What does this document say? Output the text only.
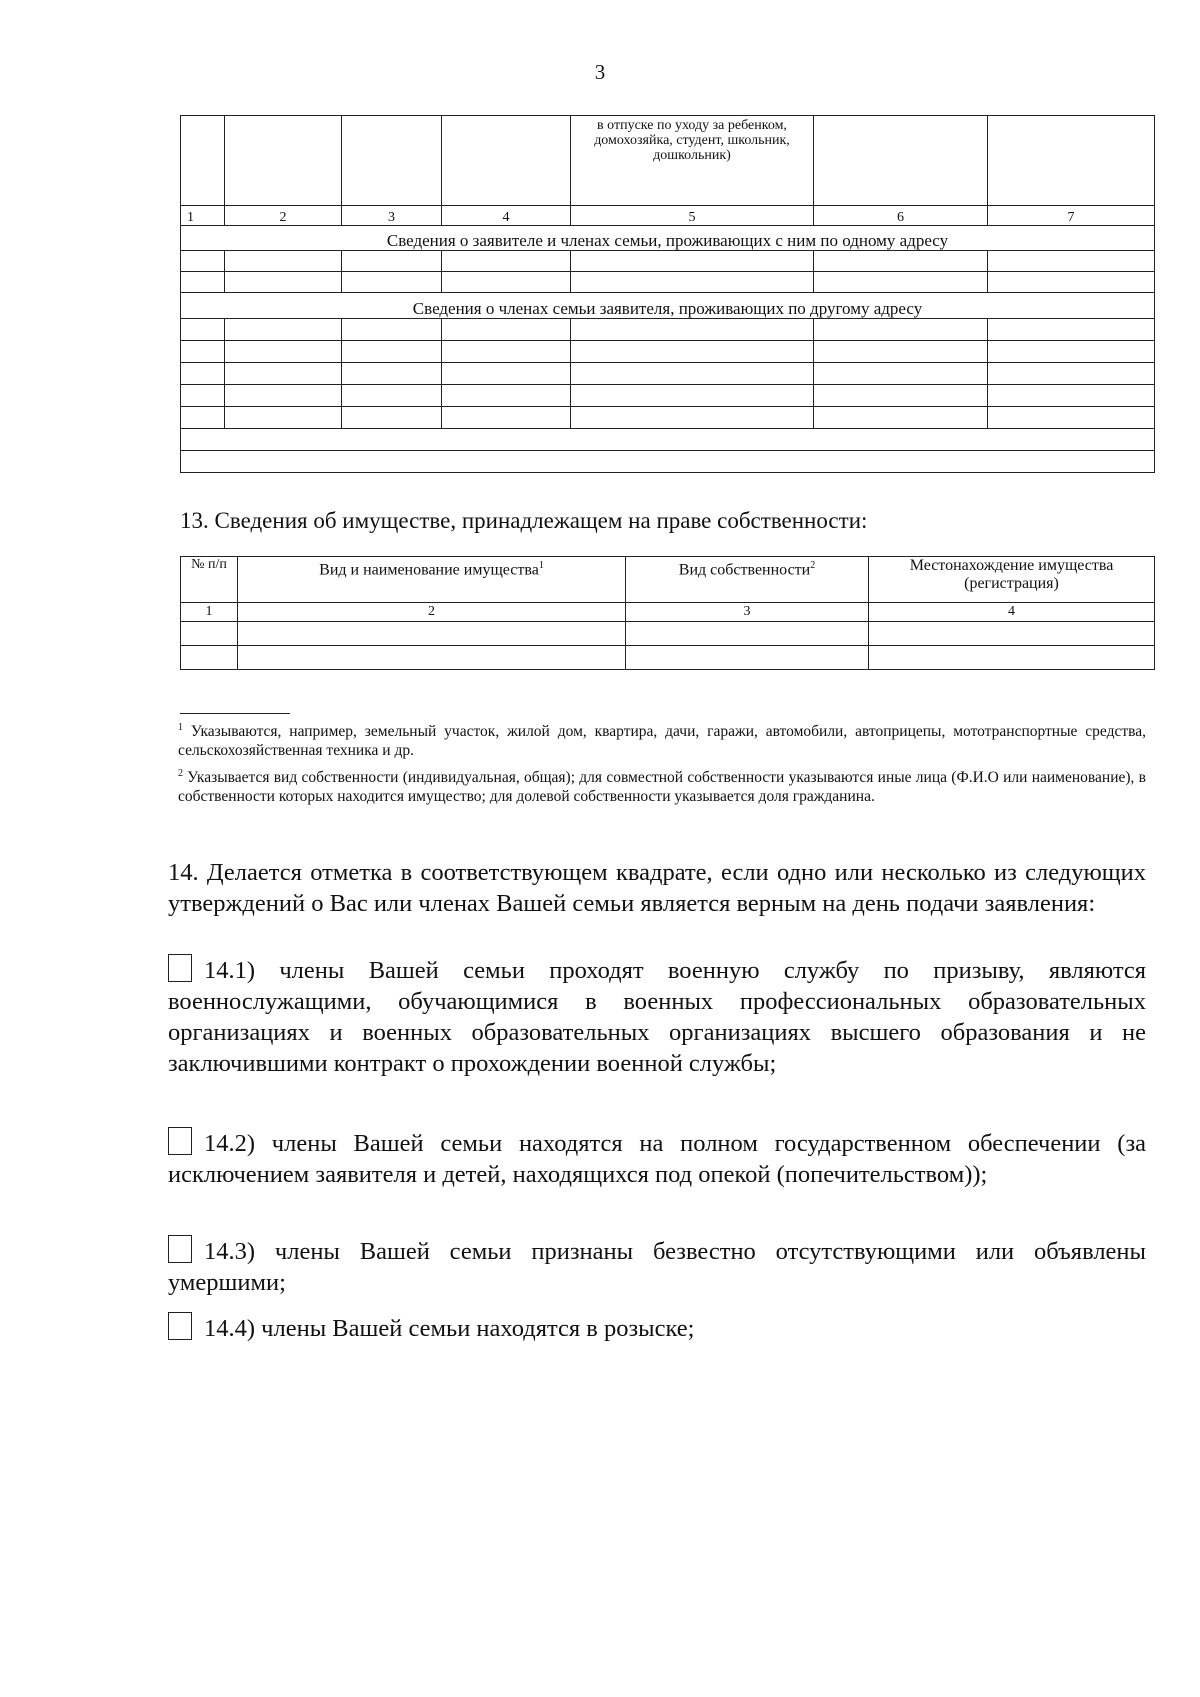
3
				в отпуске по уходу за ребенком, домохозяйка, студент, школьник, дошкольник)		
1	2	3	4	5	6	7
Сведения о заявителе и членах семьи, проживающих с ним по одному адресу						

Сведения о членах семьи заявителя, проживающих по другому адресу						

13. Сведения об имуществе, принадлежащем на праве собственности:
№ п/п	Вид и наименование имущества$^1$	Вид собственности$^2$	Местонахождение имущества (регистрация)
1	2	3	4

$^1$ Указываются, например, земельный участок, жилой дом, квартира, дачи, гаражи, автомобили, автоприцепы, мототранспортные средства, сельскохозяйственная техника и др.
$^2$ Указывается вид собственности (индивидуальная, общая); для совместной собственности указываются иные лица (Ф.И.О или наименование), в собственности которых находится имущество; для долевой собственности указывается доля гражданина.
14. Делается отметка в соответствующем квадрате, если одно или несколько из следующих утверждений о Вас или членах Вашей семьи является верным на день подачи заявления:
14.1) члены Вашей семьи проходят военную службу по призыву, являются военнослужащими, обучающимися в военных профессиональных образовательных организациях и военных образовательных организациях высшего образования и не заключившими контракт о прохождении военной службы;
14.2) члены Вашей семьи находятся на полном государственном обеспечении (за исключением заявителя и детей, находящихся под опекой (попечительством));
14.3) члены Вашей семьи признаны безвестно отсутствующими или объявлены умершими;
14.4) члены Вашей семьи находятся в розыске;
